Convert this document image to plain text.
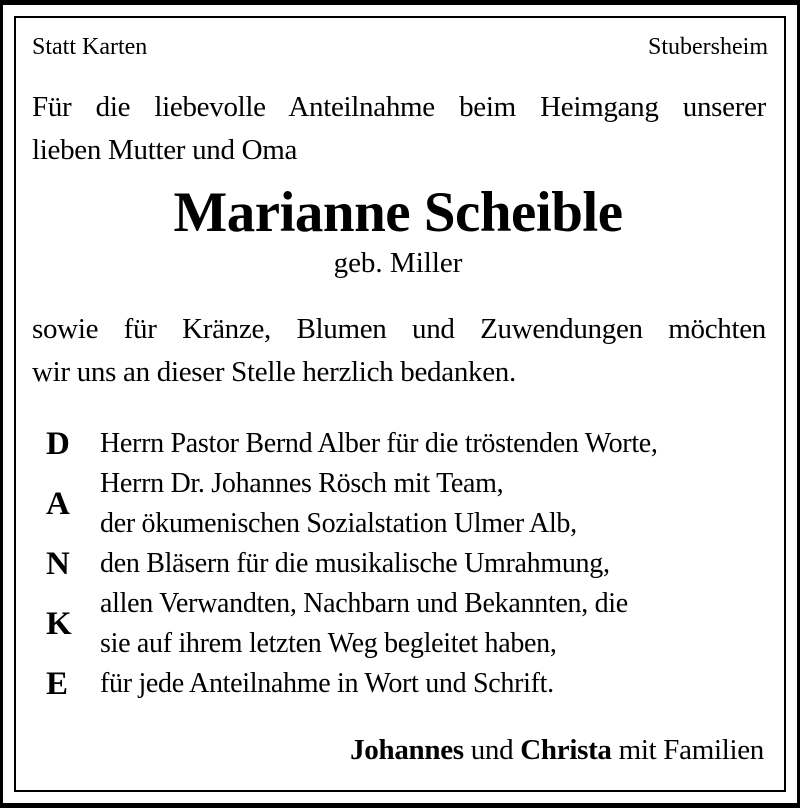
Statt Karten	Stubersheim
Für die liebevolle Anteilnahme beim Heimgang unserer
lieben Mutter und Oma
Marianne Scheible
geb. Miller
sowie für Kränze, Blumen und Zuwendungen möchten
wir uns an dieser Stelle herzlich bedanken.
D
A
N
K
E
Herrn Pastor Bernd Alber für die tröstenden Worte,
Herrn Dr. Johannes Rösch mit Team,
der ökumenischen Sozialstation Ulmer Alb,
den Bläsern für die musikalische Umrahmung,
allen Verwandten, Nachbarn und Bekannten, die
sie auf ihrem letzten Weg begleitet haben,
für jede Anteilnahme in Wort und Schrift.
Johannes und Christa mit Familien
